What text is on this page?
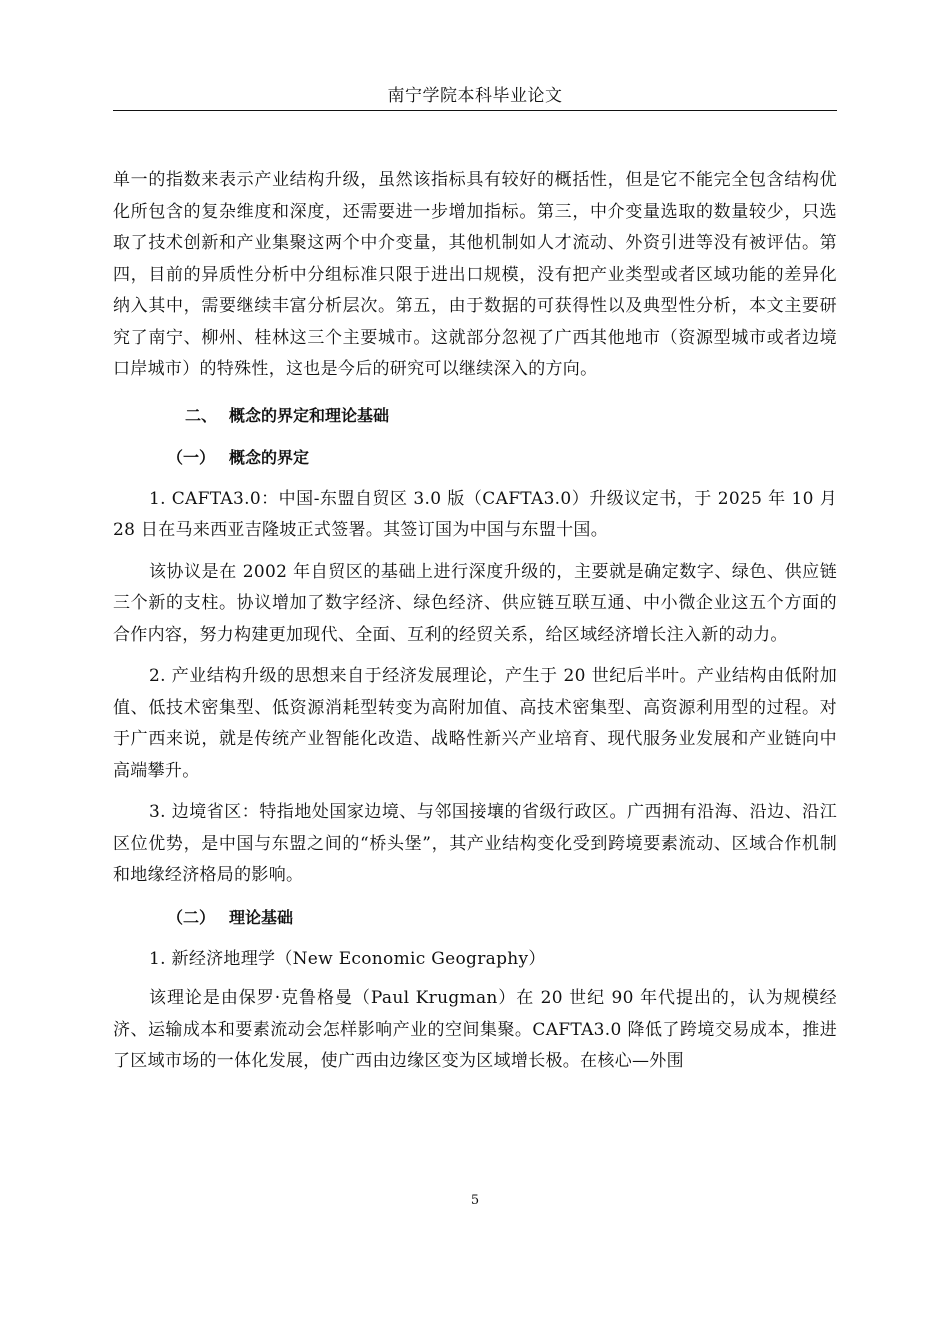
南宁学院本科毕业论文

单一的指数来表示产业结构升级，虽然该指标具有较好的概括性，但是它不能完全包含结构优化所包含的复杂维度和深度，还需要进一步增加指标。第三，中介变量选取的数量较少，只选取了技术创新和产业集聚这两个中介变量，其他机制如人才流动、外资引进等没有被评估。第四，目前的异质性分析中分组标准只限于进出口规模，没有把产业类型或者区域功能的差异化纳入其中，需要继续丰富分析层次。第五，由于数据的可获得性以及典型性分析，本文主要研究了南宁、柳州、桂林这三个主要城市。这就部分忽视了广西其他地市（资源型城市或者边境口岸城市）的特殊性，这也是今后的研究可以继续深入的方向。

二、 概念的界定和理论基础
（一） 概念的界定

1. CAFTA3.0：中国-东盟自贸区 3.0 版（CAFTA3.0）升级议定书，于 2025 年 10 月 28 日在马来西亚吉隆坡正式签署。其签订国为中国与东盟十国。

该协议是在 2002 年自贸区的基础上进行深度升级的，主要就是确定数字、绿色、供应链三个新的支柱。协议增加了数字经济、绿色经济、供应链互联互通、中小微企业这五个方面的合作内容，努力构建更加现代、全面、互利的经贸关系，给区域经济增长注入新的动力。

2. 产业结构升级的思想来自于经济发展理论，产生于 20 世纪后半叶。产业结构由低附加值、低技术密集型、低资源消耗型转变为高附加值、高技术密集型、高资源利用型的过程。对于广西来说，就是传统产业智能化改造、战略性新兴产业培育、现代服务业发展和产业链向中高端攀升。

3. 边境省区：特指地处国家边境、与邻国接壤的省级行政区。广西拥有沿海、沿边、沿江区位优势，是中国与东盟之间的“桥头堡”，其产业结构变化受到跨境要素流动、区域合作机制和地缘经济格局的影响。

（二） 理论基础

1. 新经济地理学（New Economic Geography）

该理论是由保罗·克鲁格曼（Paul Krugman）在 20 世纪 90 年代提出的，认为规模经济、运输成本和要素流动会怎样影响产业的空间集聚。CAFTA3.0 降低了跨境交易成本，推进了区域市场的一体化发展，使广西由边缘区变为区域增长极。在核心—外围

5
